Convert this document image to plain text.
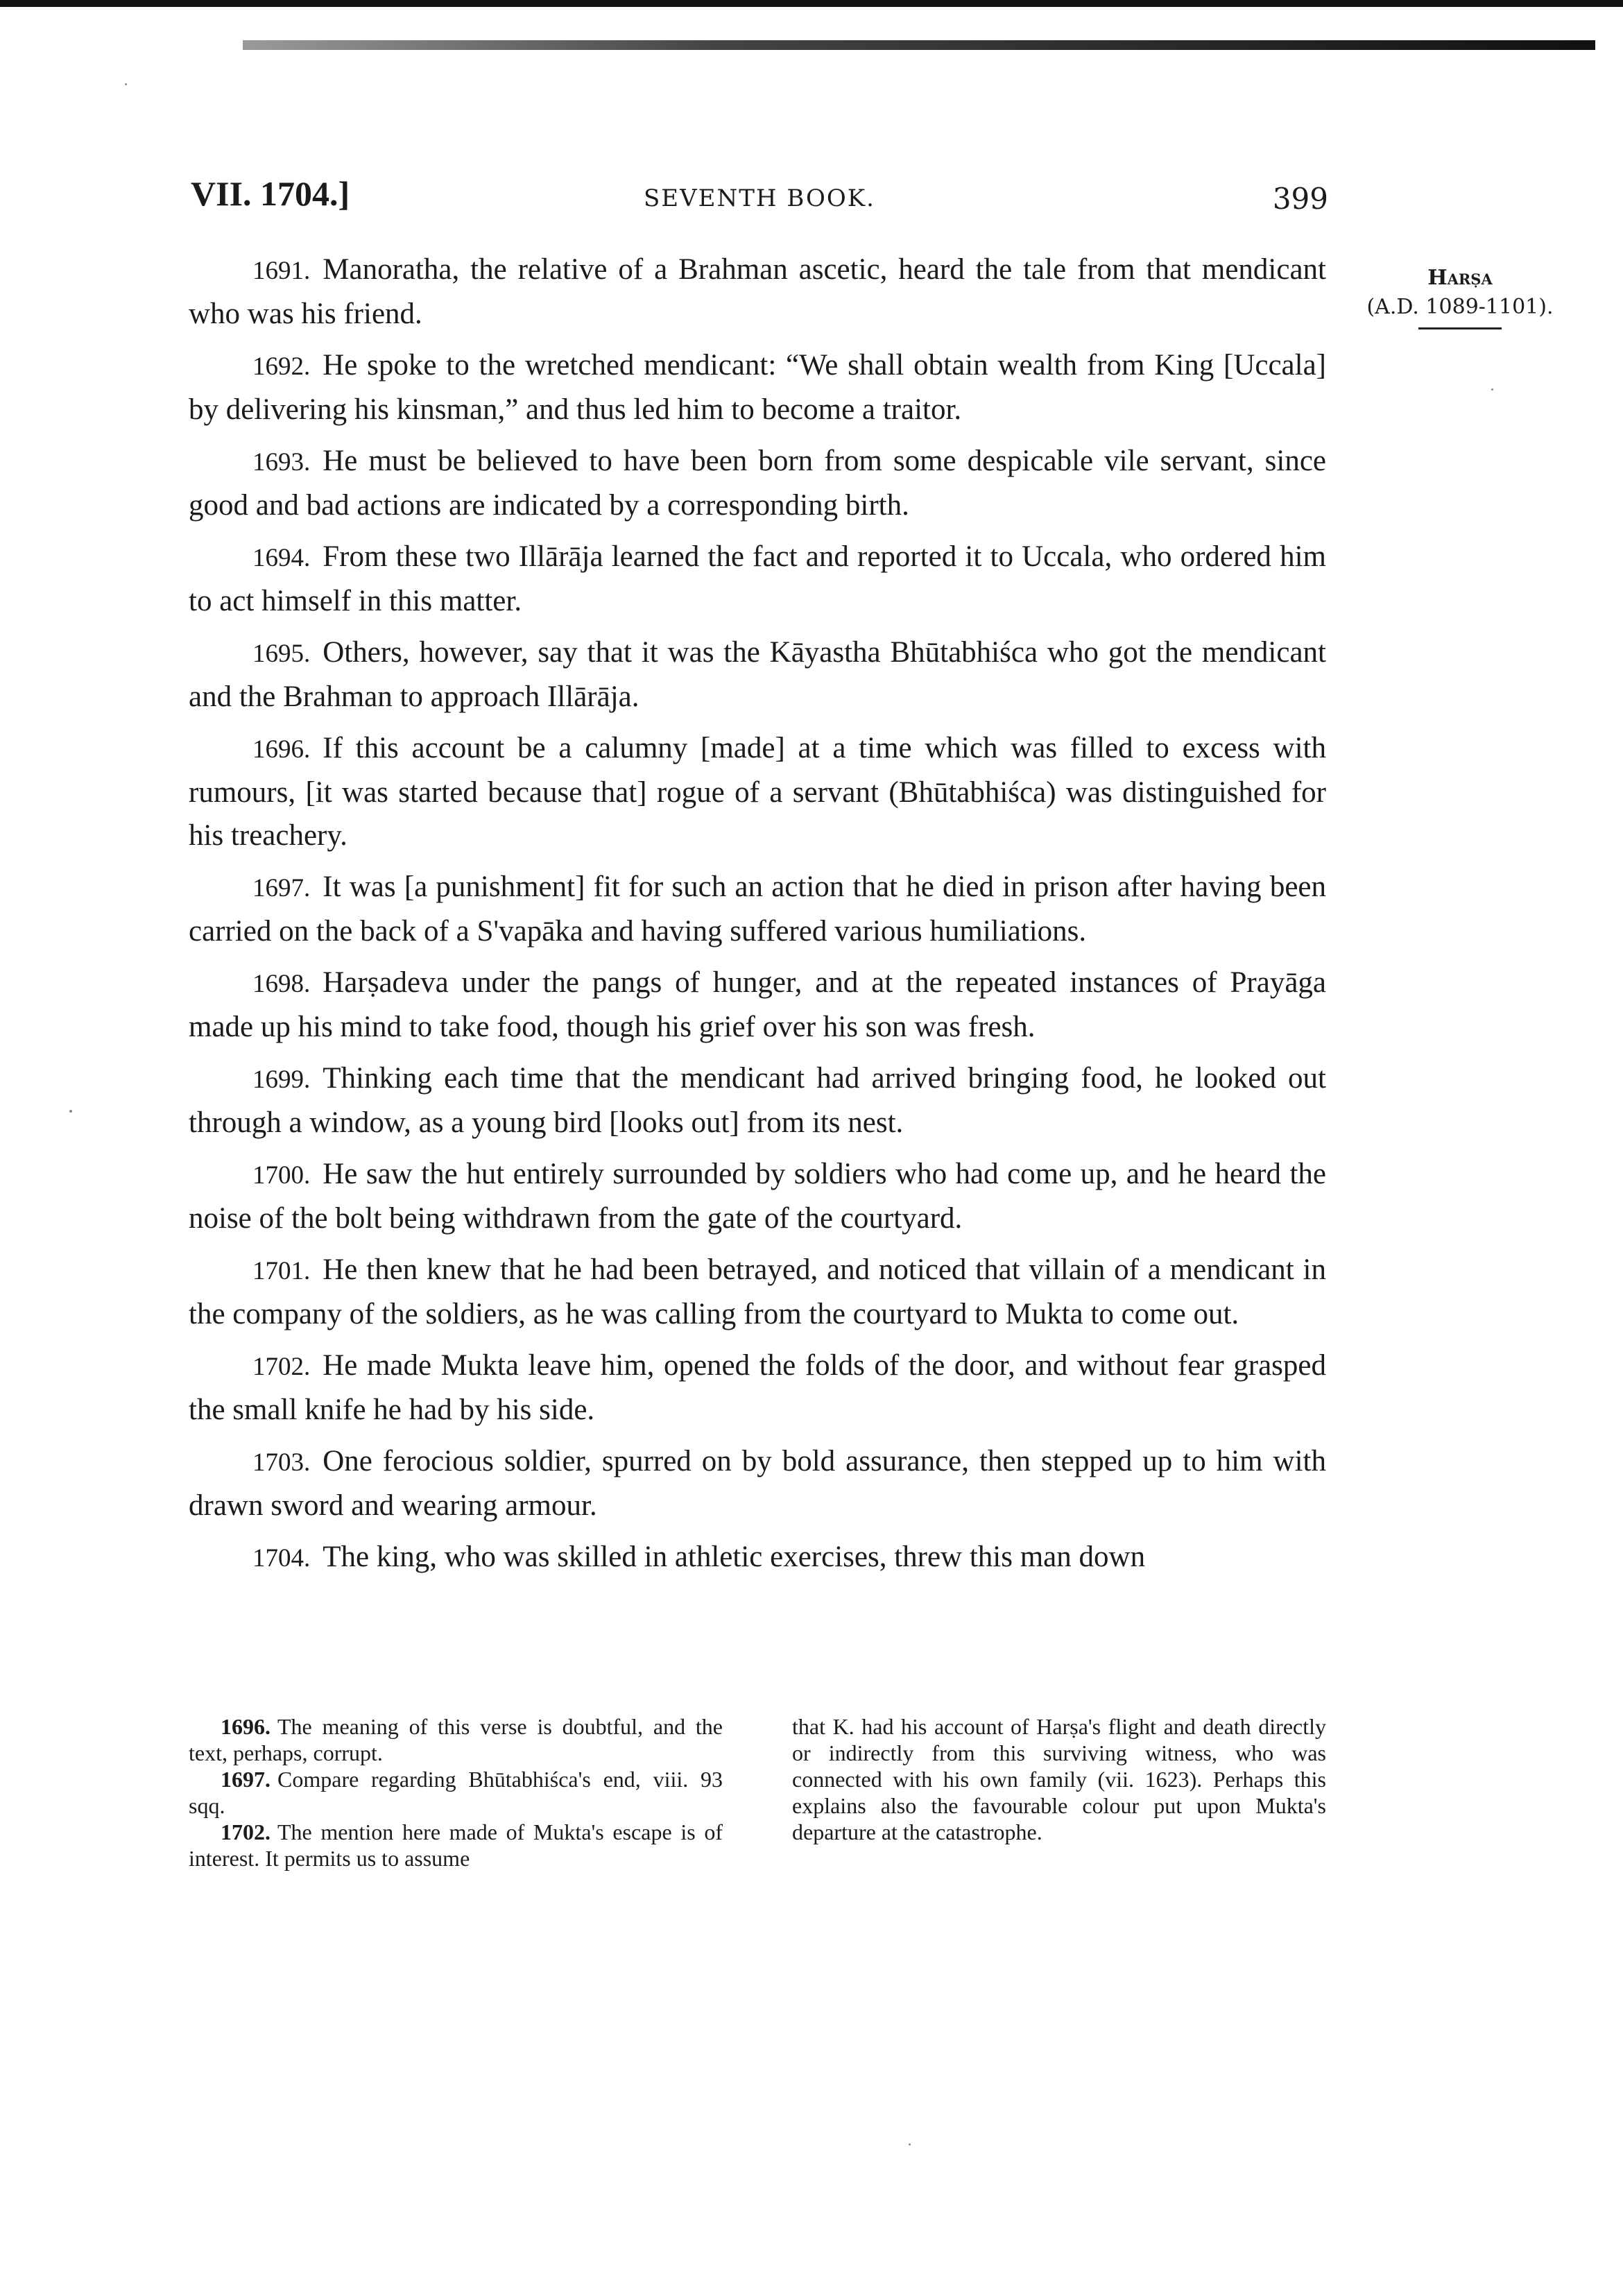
VII. 1704.]	SEVENTH BOOK.	399
Harṣa
(A.D. 1089-1101).

1691. Manoratha, the relative of a Brahman ascetic, heard the tale from that mendicant who was his friend.

1692. He spoke to the wretched mendicant: “We shall obtain wealth from King [Uccala] by delivering his kinsman,” and thus led him to become a traitor.

1693. He must be believed to have been born from some despicable vile servant, since good and bad actions are indicated by a corresponding birth.

1694. From these two Illārāja learned the fact and reported it to Uccala, who ordered him to act himself in this matter.

1695. Others, however, say that it was the Kāyastha Bhūtabhiśca who got the mendicant and the Brahman to approach Illārāja.

1696. If this account be a calumny [made] at a time which was filled to excess with rumours, [it was started because that] rogue of a servant (Bhūtabhiśca) was distinguished for his treachery.

1697. It was [a punishment] fit for such an action that he died in prison after having been carried on the back of a S'vapāka and having suffered various humiliations.

1698. Harṣadeva under the pangs of hunger, and at the repeated instances of Prayāga made up his mind to take food, though his grief over his son was fresh.

1699. Thinking each time that the mendicant had arrived bringing food, he looked out through a window, as a young bird [looks out] from its nest.

1700. He saw the hut entirely surrounded by soldiers who had come up, and he heard the noise of the bolt being withdrawn from the gate of the courtyard.

1701. He then knew that he had been betrayed, and noticed that villain of a mendicant in the company of the soldiers, as he was calling from the courtyard to Mukta to come out.

1702. He made Mukta leave him, opened the folds of the door, and without fear grasped the small knife he had by his side.

1703. One ferocious soldier, spurred on by bold assurance, then stepped up to him with drawn sword and wearing armour.

1704. The king, who was skilled in athletic exercises, threw this man down

1696. The meaning of this verse is doubtful, and the text, perhaps, corrupt.

1697. Compare regarding Bhūtabhiśca's end, viii. 93 sqq.

1702. The mention here made of Mukta's escape is of interest. It permits us to assume

that K. had his account of Harṣa's flight and death directly or indirectly from this surviving witness, who was connected with his own family (vii. 1623). Perhaps this explains also the favourable colour put upon Mukta's departure at the catastrophe.
